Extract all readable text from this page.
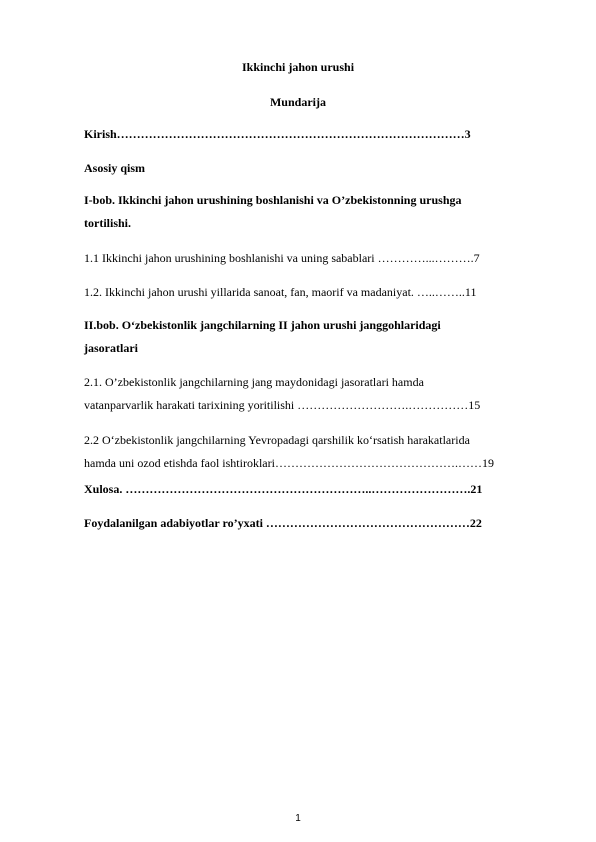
Ikkinchi jahon urushi

Mundarija

Kirish……………………………………………………………………………3

Asosiy qism

I-bob. Ikkinchi jahon urushining boshlanishi va O’zbekistonning urushga

tortilishi.

1.1 Ikkinchi jahon urushining boshlanishi va uning sabablari …………...……….7

1.2. Ikkinchi jahon urushi yillarida sanoat, fan, maorif va madaniyat. …..……..11

II.bob. O‘zbekistonlik jangchilarning II jahon urushi janggohlaridagi

jasoratlari

2.1. O’zbekistonlik jangchilarning jang maydonidagi jasoratlari hamda

vatanparvarlik harakati tarixining yoritilishi ……………………….……………15

2.2 O‘zbekistonlik jangchilarning Yevropadagi qarshilik ko‘rsatish harakatlarida

hamda uni ozod etishda faol ishtiroklari……………………………………….……19

Xulosa. ……………………………………………………..…………………….21

Foydalanilgan adabiyotlar ro’yxati ……………………………………………22

1
